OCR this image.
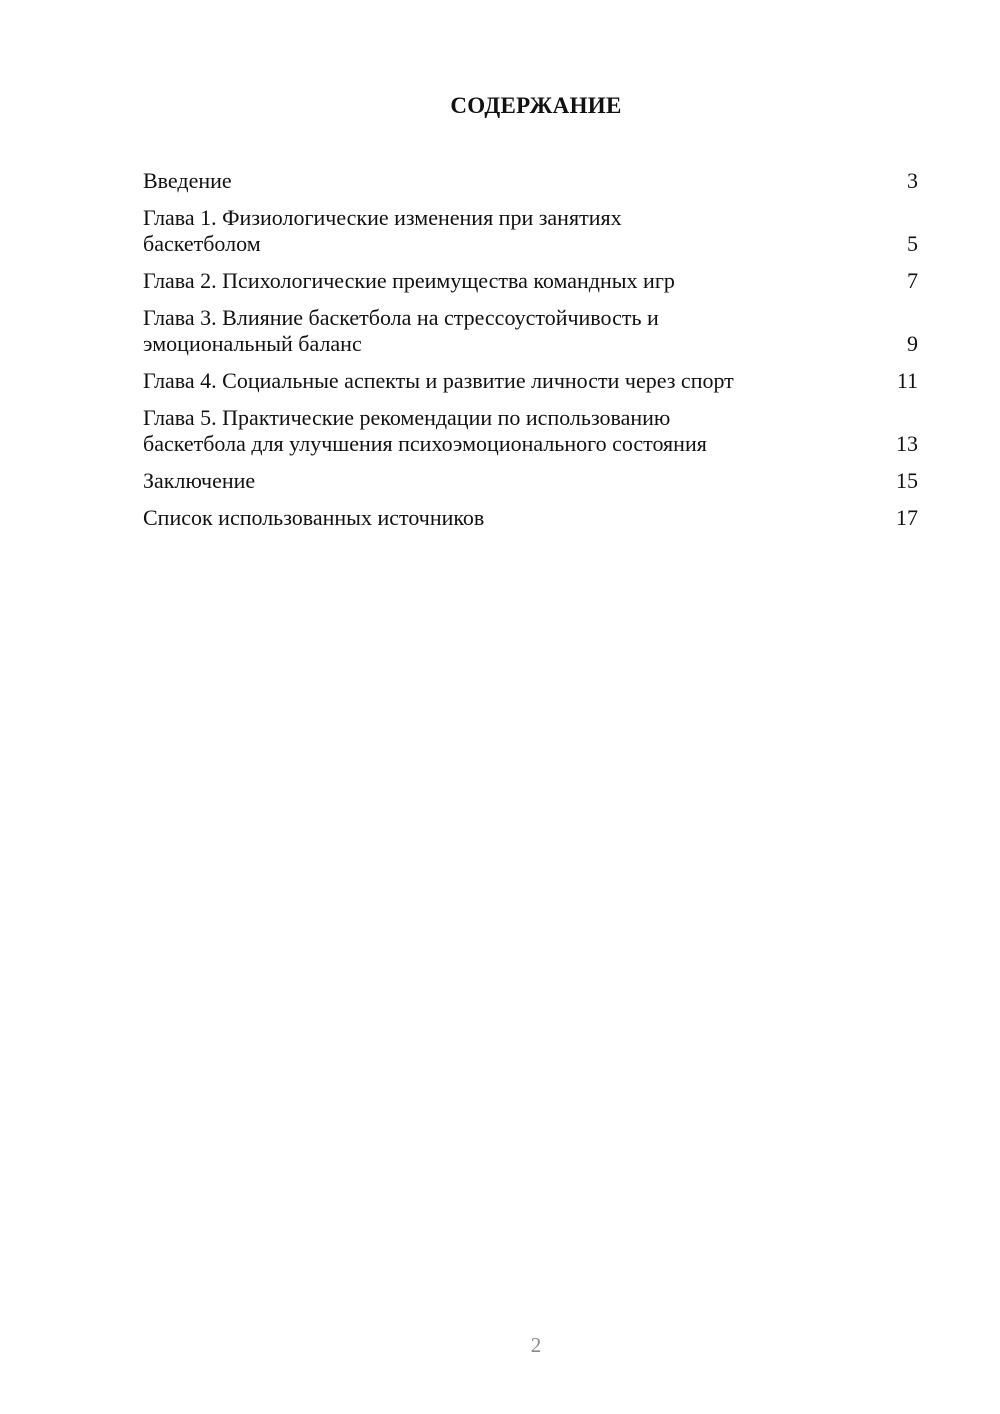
СОДЕРЖАНИЕ
Введение	3
Глава 1. Физиологические изменения при занятиях
баскетболом	5
Глава 2. Психологические преимущества командных игр	7
Глава 3. Влияние баскетбола на стрессоустойчивость и
эмоциональный баланс	9
Глава 4. Социальные аспекты и развитие личности через спорт	11
Глава 5. Практические рекомендации по использованию
баскетбола для улучшения психоэмоционального состояния	13
Заключение	15
Список использованных источников	17
2
